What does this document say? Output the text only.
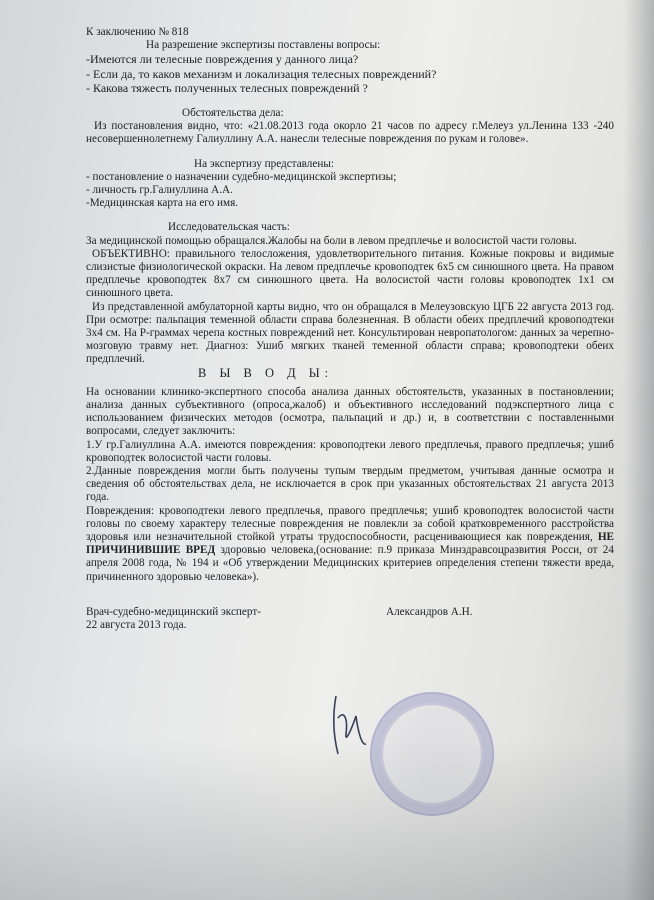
К заключению № 818

На разрешение экспертизы поставлены вопросы:

-Имеются ли телесные повреждения у данного лица?

- Если да, то каков механизм и локализация телесных повреждений?

- Какова тяжесть полученных телесных повреждений ?

Обстоятельства дела:

Из постановления видно, что: «21.08.2013 года окорло 21 часов по адресу г.Мелеуз ул.Ленина 133 -240 несовершеннолетнему Галиуллину А.А. нанесли телесные повреждения по рукам и голове».

На экспертизу представлены:

- постановление о назначении судебно-медицинской экспертизы;

- личность гр.Галиуллина А.А.

-Медицинская карта на его имя.

Исследовательская часть:

За медицинской помощью обращался.Жалобы на боли в левом предплечье и волосистой части головы.

ОБЪЕКТИВНО: правильного телосложения, удовлетворительного питания. Кожные покровы и видимые слизистые физиологической окраски. На левом предплечье кровоподтек 6х5 см синюшного цвета. На правом предплечье кровоподтек 8х7 см синюшного цвета. На волосистой части головы кровоподтек 1х1 см синюшного цвета.

Из представленной амбулаторной карты видно, что он обращался в Мелеузовскую ЦГБ 22 августа 2013 год. При осмотре: пальпация теменной области справа болезненная. В области обеих предплечий кровоподтеки 3х4 см. На Р-граммах черепа костных повреждений нет. Консультирован невропатологом: данных за черепно-мозговую травму нет. Диагноз: Ушиб мягких тканей теменной области справа; кровоподтеки обеих предплечий.

В Ы В О Д Ы:

На основании клинико-экспертного способа анализа данных обстоятельств, указанных в постановлении; анализа данных субъективного (опроса,жалоб) и объективного исследований подэкспертного лица с использованием физических методов (осмотра, пальпаций и др.) и, в соответствии с поставленными вопросами, следует заключить:

1.У гр.Галиуллина А.А. имеются повреждения: кровоподтеки левого предплечья, правого предплечья; ушиб кровоподтек волосистой части головы.

2.Данные повреждения могли быть получены тупым твердым предметом, учитывая данные осмотра и сведения об обстоятельствах дела, не исключается в срок при указанных обстоятельствах 21 августа 2013 года.

Повреждения: кровоподтеки левого предплечья, правого предплечья; ушиб кровоподтек волосистой части головы по своему характеру телесные повреждения не повлекли за собой кратковременного расстройства здоровья или незначительной стойкой утраты трудоспособности, расценивающиеся как повреждения, НЕ ПРИЧИНИВШИЕ ВРЕД здоровью человека,(основание: п.9 приказа Минздравсоцразвития Росси, от 24 апреля 2008 года, № 194 и «Об утверждении Медицинских критериев определения степени тяжести вреда, причиненного здоровью человека»).

Врач-судебно-медицинский эксперт-

22 августа 2013 года.

Александров А.Н.
